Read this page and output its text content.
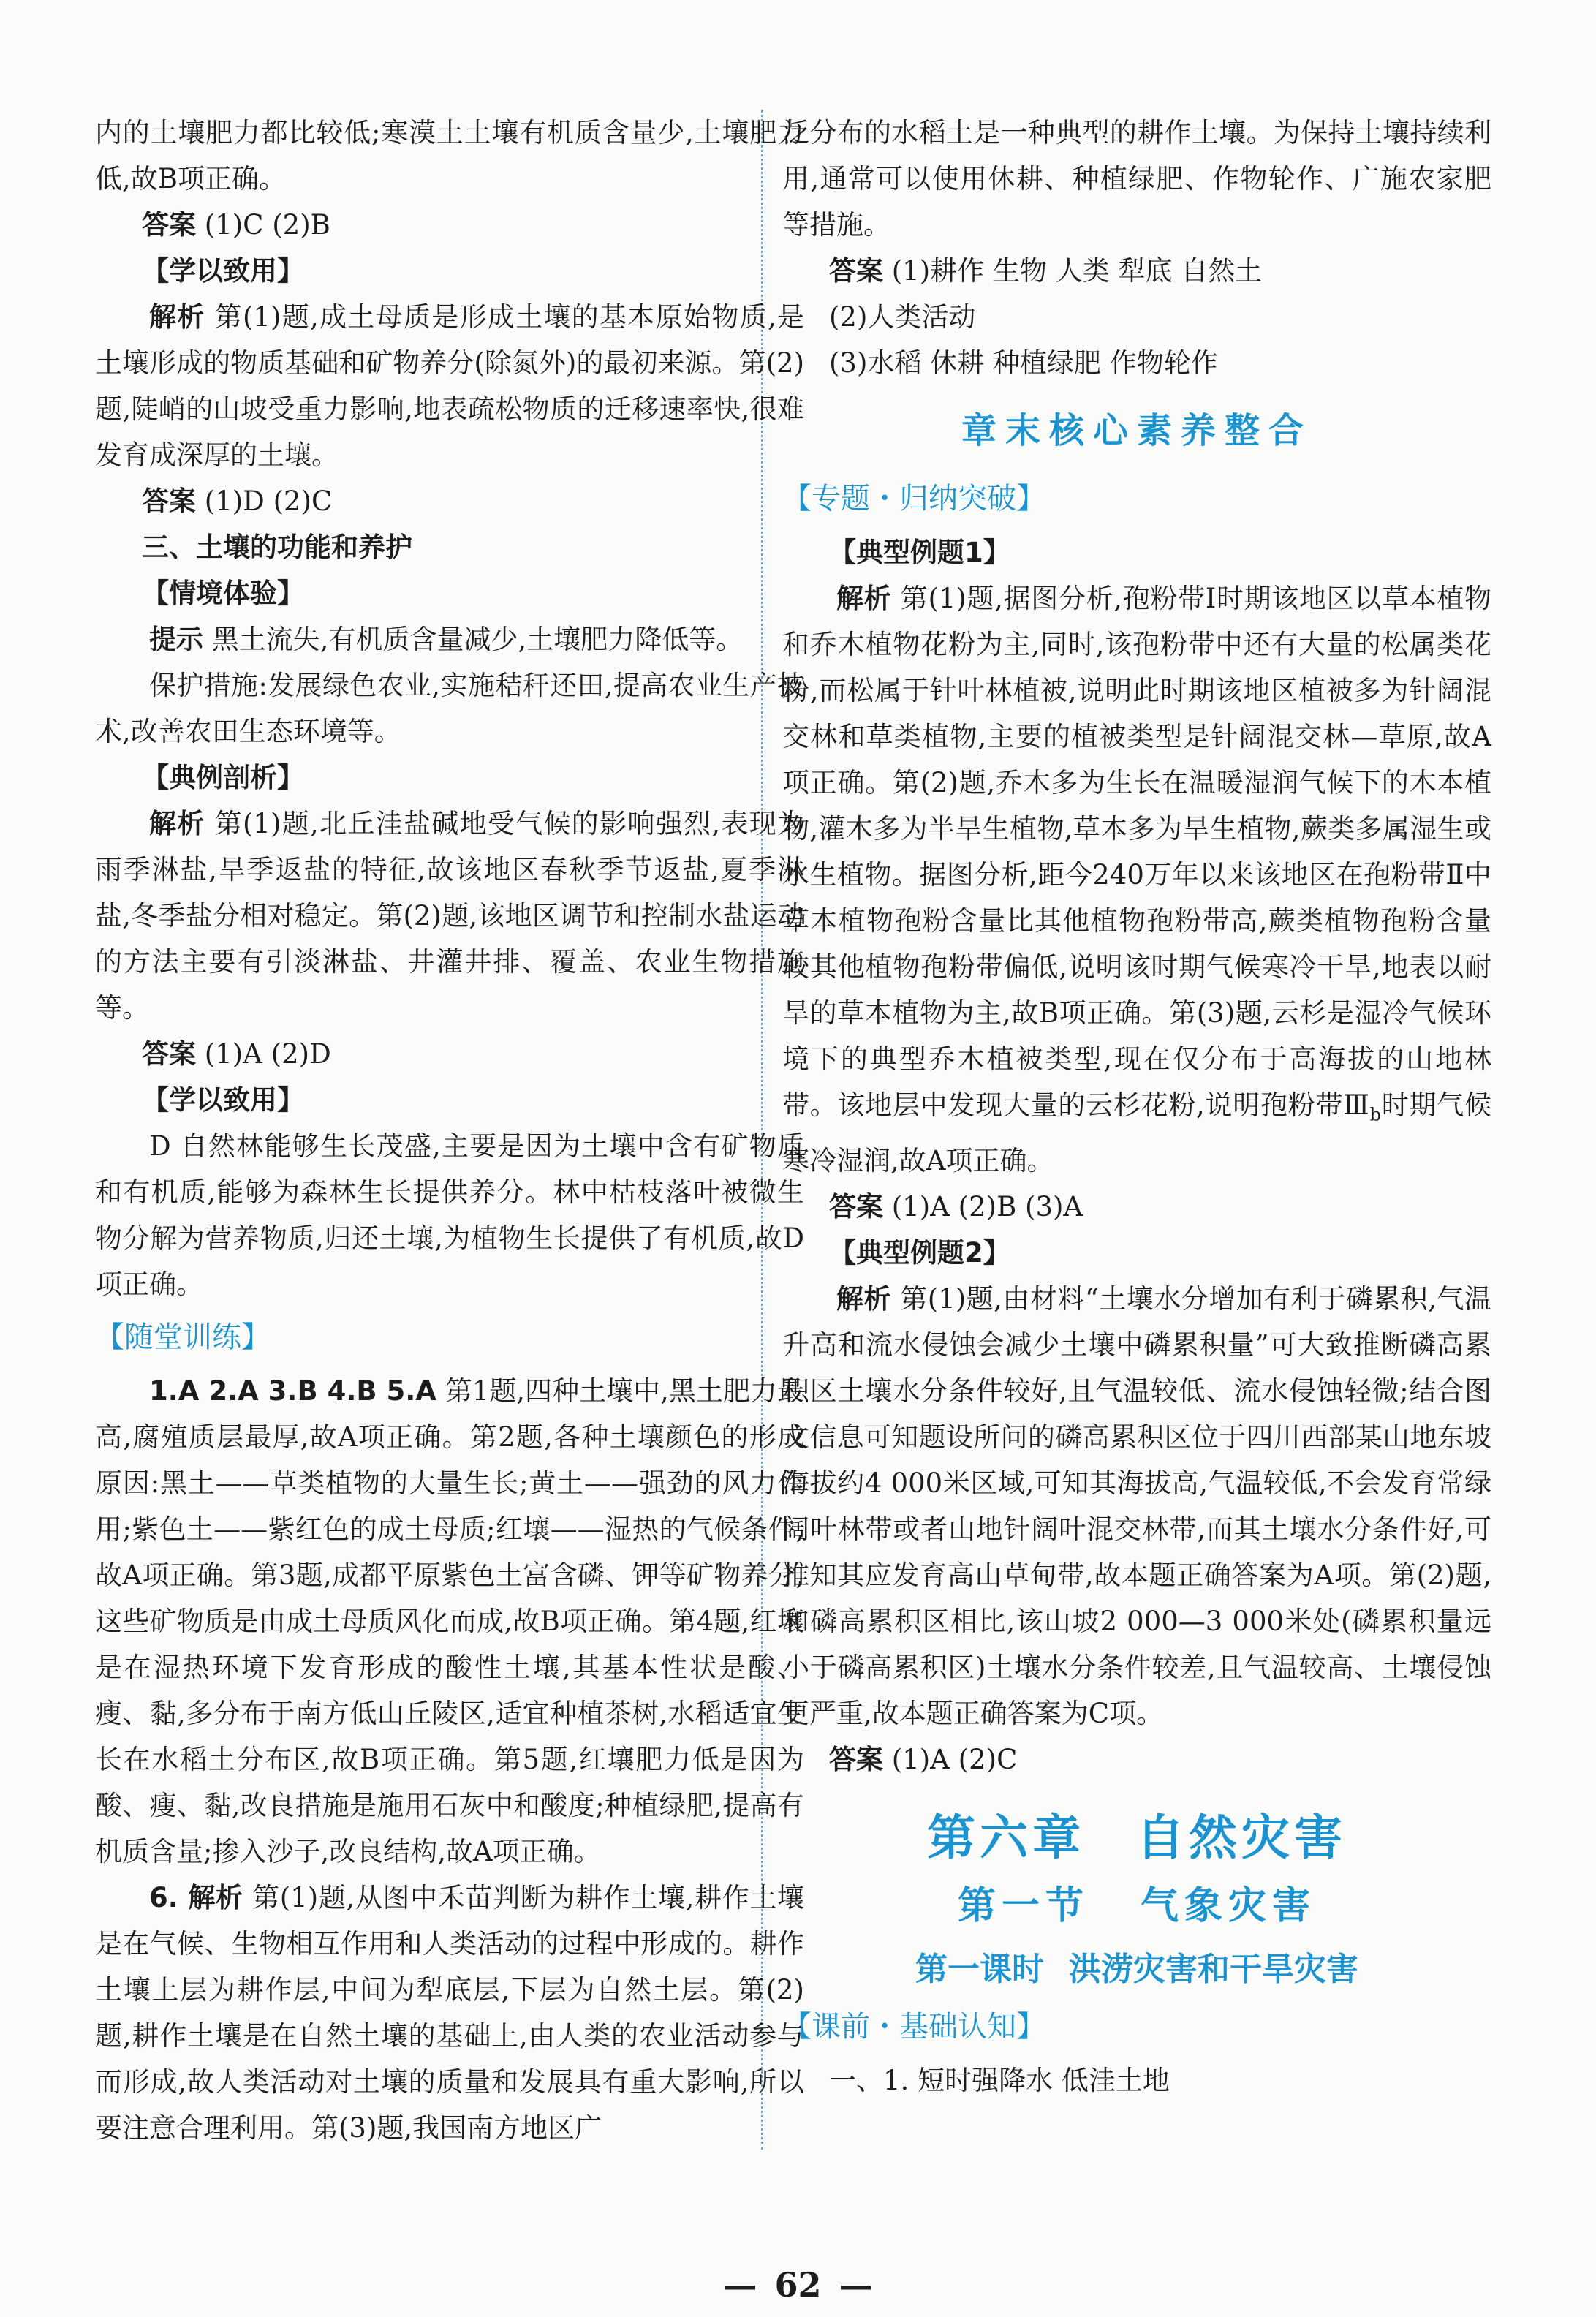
内的土壤肥力都比较低;寒漠土土壤有机质含量少,土壤肥力低,故B项正确。

答案 (1)C (2)B

【学以致用】

解析 第(1)题,成土母质是形成土壤的基本原始物质,是土壤形成的物质基础和矿物养分(除氮外)的最初来源。第(2)题,陡峭的山坡受重力影响,地表疏松物质的迁移速率快,很难发育成深厚的土壤。

答案 (1)D (2)C

三、土壤的功能和养护

【情境体验】

提示 黑土流失,有机质含量减少,土壤肥力降低等。

保护措施:发展绿色农业,实施秸秆还田,提高农业生产技术,改善农田生态环境等。

【典例剖析】

解析 第(1)题,北丘洼盐碱地受气候的影响强烈,表现为雨季淋盐,旱季返盐的特征,故该地区春秋季节返盐,夏季淋盐,冬季盐分相对稳定。第(2)题,该地区调节和控制水盐运动的方法主要有引淡淋盐、井灌井排、覆盖、农业生物措施等。

答案 (1)A (2)D

【学以致用】

D 自然林能够生长茂盛,主要是因为土壤中含有矿物质和有机质,能够为森林生长提供养分。林中枯枝落叶被微生物分解为营养物质,归还土壤,为植物生长提供了有机质,故D项正确。

【随堂训练】

1.A 2.A 3.B 4.B 5.A 第1题,四种土壤中,黑土肥力最高,腐殖质层最厚,故A项正确。第2题,各种土壤颜色的形成原因:黑土——草类植物的大量生长;黄土——强劲的风力作用;紫色土——紫红色的成土母质;红壤——湿热的气候条件,故A项正确。第3题,成都平原紫色土富含磷、钾等矿物养分,这些矿物质是由成土母质风化而成,故B项正确。第4题,红壤是在湿热环境下发育形成的酸性土壤,其基本性状是酸、瘦、黏,多分布于南方低山丘陵区,适宜种植茶树,水稻适宜生长在水稻土分布区,故B项正确。第5题,红壤肥力低是因为酸、瘦、黏,改良措施是施用石灰中和酸度;种植绿肥,提高有机质含量;掺入沙子,改良结构,故A项正确。

6. 解析 第(1)题,从图中禾苗判断为耕作土壤,耕作土壤是在气候、生物相互作用和人类活动的过程中形成的。耕作土壤上层为耕作层,中间为犁底层,下层为自然土层。第(2)题,耕作土壤是在自然土壤的基础上,由人类的农业活动参与而形成,故人类活动对土壤的质量和发展具有重大影响,所以要注意合理利用。第(3)题,我国南方地区广

泛分布的水稻土是一种典型的耕作土壤。为保持土壤持续利用,通常可以使用休耕、种植绿肥、作物轮作、广施农家肥等措施。

答案 (1)耕作 生物 人类 犁底 自然土

(2)人类活动

(3)水稻 休耕 种植绿肥 作物轮作

章末核心素养整合

【专题・归纳突破】

【典型例题1】

解析 第(1)题,据图分析,孢粉带Ⅰ时期该地区以草本植物和乔木植物花粉为主,同时,该孢粉带中还有大量的松属类花粉,而松属于针叶林植被,说明此时期该地区植被多为针阔混交林和草类植物,主要的植被类型是针阔混交林—草原,故A项正确。第(2)题,乔木多为生长在温暖湿润气候下的木本植物,灌木多为半旱生植物,草本多为旱生植物,蕨类多属湿生或水生植物。据图分析,距今240万年以来该地区在孢粉带Ⅱ中草本植物孢粉含量比其他植物孢粉带高,蕨类植物孢粉含量较其他植物孢粉带偏低,说明该时期气候寒冷干旱,地表以耐旱的草本植物为主,故B项正确。第(3)题,云杉是湿冷气候环境下的典型乔木植被类型,现在仅分布于高海拔的山地林带。该地层中发现大量的云杉花粉,说明孢粉带$Ⅲ_b$时期气候寒冷湿润,故A项正确。

答案 (1)A (2)B (3)A

【典型例题2】

解析 第(1)题,由材料“土壤水分增加有利于磷累积,气温升高和流水侵蚀会减少土壤中磷累积量”可大致推断磷高累积区土壤水分条件较好,且气温较低、流水侵蚀轻微;结合图文信息可知题设所问的磷高累积区位于四川西部某山地东坡海拔约4 000米区域,可知其海拔高,气温较低,不会发育常绿阔叶林带或者山地针阔叶混交林带,而其土壤水分条件好,可推知其应发育高山草甸带,故本题正确答案为A项。第(2)题,和磷高累积区相比,该山坡2 000—3 000米处(磷累积量远小于磷高累积区)土壤水分条件较差,且气温较高、土壤侵蚀更严重,故本题正确答案为C项。

答案 (1)A (2)C

第六章 自然灾害

第一节 气象灾害

第一课时 洪涝灾害和干旱灾害

【课前・基础认知】

一、1. 短时强降水 低洼土地

— 62 —
